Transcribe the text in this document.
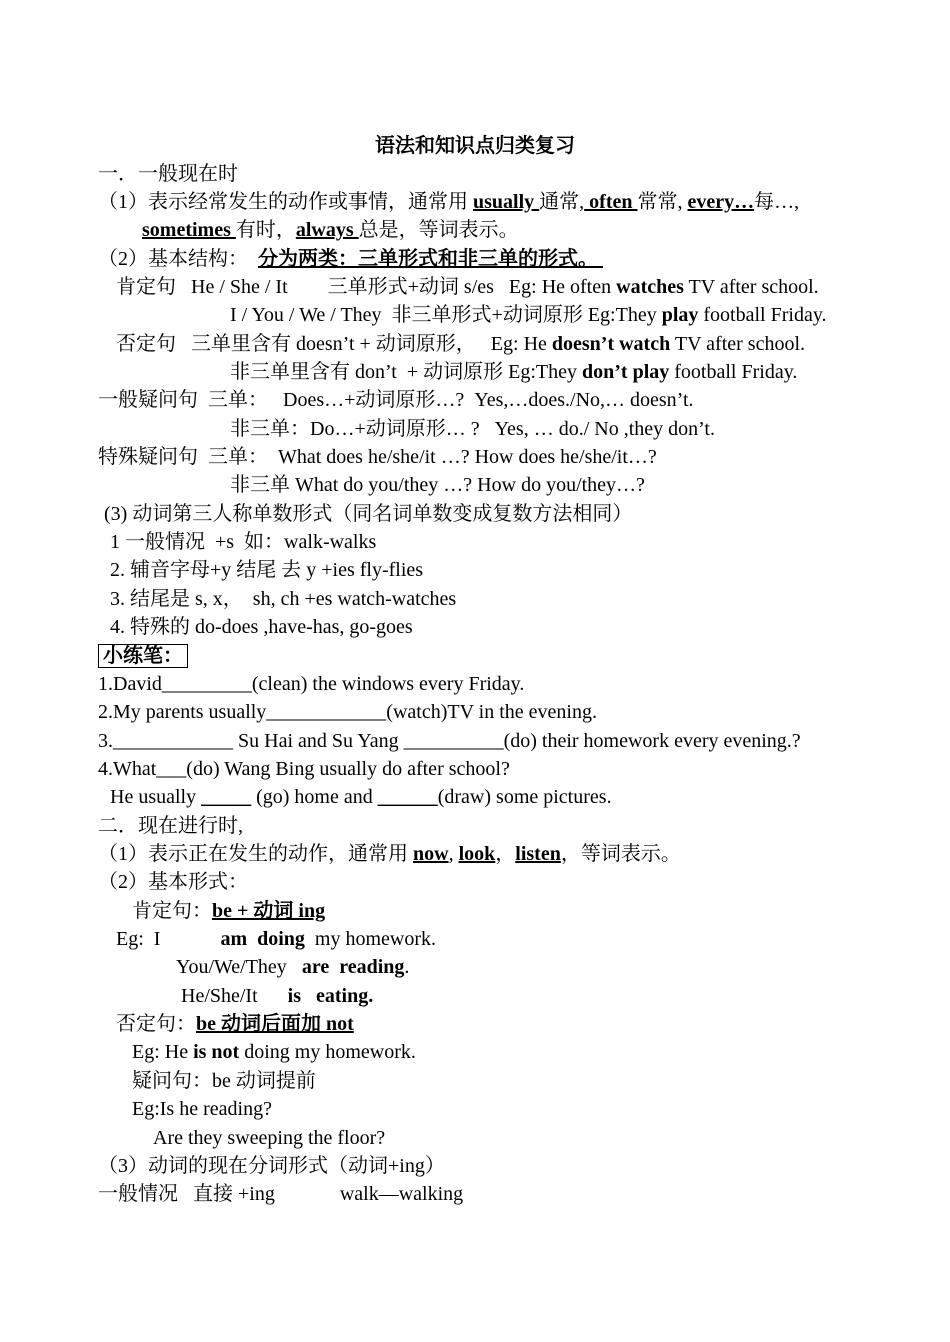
语法和知识点归类复习
一．一般现在时
（1）表示经常发生的动作或事情，通常用 usually 通常, often 常常, every…每…,
sometimes 有时，always 总是，等词表示。
（2）基本结构：  分为两类：三单形式和非三单的形式。
肯定句   He / She / It        三单形式+动词 s/es   Eg: He often watches TV after school.
I / You / We / They  非三单形式+动词原形 Eg:They play football Friday.
否定句   三单里含有 doesn’t + 动词原形，   Eg: He doesn’t watch TV after school.
非三单里含有 don’t  + 动词原形 Eg:They don’t play football Friday.
一般疑问句  三单：   Does…+动词原形…?  Yes,…does./No,… doesn’t.
非三单：Do…+动词原形… ?   Yes, … do./ No ,they don’t.
特殊疑问句  三单：  What does he/she/it …? How does he/she/it…?
非三单 What do you/they …? How do you/they…?
(3) 动词第三人称单数形式（同名词单数变成复数方法相同）
1 一般情况  +s  如：walk-walks
2. 辅音字母+y 结尾 去 y +ies fly-flies
3. 结尾是 s, x，  sh, ch +es watch-watches
4. 特殊的 do-does ,have-has, go-goes
小练笔：
1.David_________(clean) the windows every Friday.
2.My parents usually____________(watch)TV in the evening.
3.____________ Su Hai and Su Yang __________(do) their homework every evening.?
4.What___(do) Wang Bing usually do after school?
He usually _____ (go) home and ______(draw) some pictures.
二．现在进行时,
（1）表示正在发生的动作，通常用 now, look，listen，等词表示。
（2）基本形式：
肯定句：be + 动词 ing
Eg:  I            am  doing  my homework.
You/We/They   are  reading.
He/She/It      is   eating.
否定句：be 动词后面加 not
Eg: He is not doing my homework.
疑问句：be 动词提前
Eg:Is he reading?
Are they sweeping the floor?
（3）动词的现在分词形式（动词+ing）
一般情况   直接 +ing             walk—walking
